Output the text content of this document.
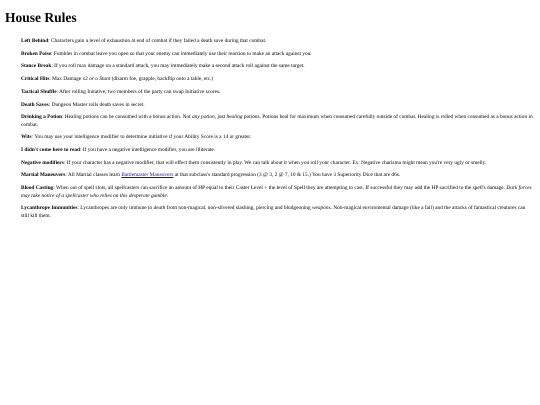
House Rules

Left Behind: Characters gain a level of exhaustion at end of combat if they failed a death save during that combat.

Broken Poise: Fumbles in combat leave you open so that your enemy can immediately use their reaction to make an attack against you.

Stance Break: If you roll max damage on a standard attack, you may immediately make a second attack roll against the same target.

Critical Hits: Max Damage x2 or a Stunt (disarm foe, grapple, backflip onto a table, etc.)

Tactical Shuffle: After rolling Initative, two members of the party can swap Initiative scores.

Death Saves: Dungeon Master rolls death saves in secret.

Drinking a Potion: Healing potions can be consumed with a bonus action. Not any potion, just healing potions. Potions heal for maximum when consumed carefully outside of combat. Healing is rolled when consumed as a bonus action in combat.

Wits: You may use your intelligence modifier to determine initiative if your Ability Score is a 14 or greater.

I didn't come here to read: If you have a negative intelligence modifier, you are illiterate.

Negative modifiers: If your character has a negative modifier, that will effect them consistently in play. We can talk about it when you roll your character. Ex: Negative charisma might mean you're very ugly or smelly.

Martial Maneuvers: All Martial classes learn Battlemaster Maneuvers at that subclass's standard progression (3 @ 3, 2 @ 7, 10 & 15.) You have 3 Superiority Dice that are d6s.

Blood Casting: When out of spell slots, all spellcasters can sacrifice an amount of HP equal to their Caster Level + the level of Spell they are attempting to cast. If successful they may add the HP sacrified to the spell's damage. Dark forces may take notice of a spellcaster who relies on this desperate gamble.

Lycanthrope Immunities: Lycanthropes are only immune to death from non-magical, non-silvered slashing, piercing and bludgeoning weapons. Non-magical enviromental damage (like a fall) and the attacks of fantastical creatures can still kill them.
